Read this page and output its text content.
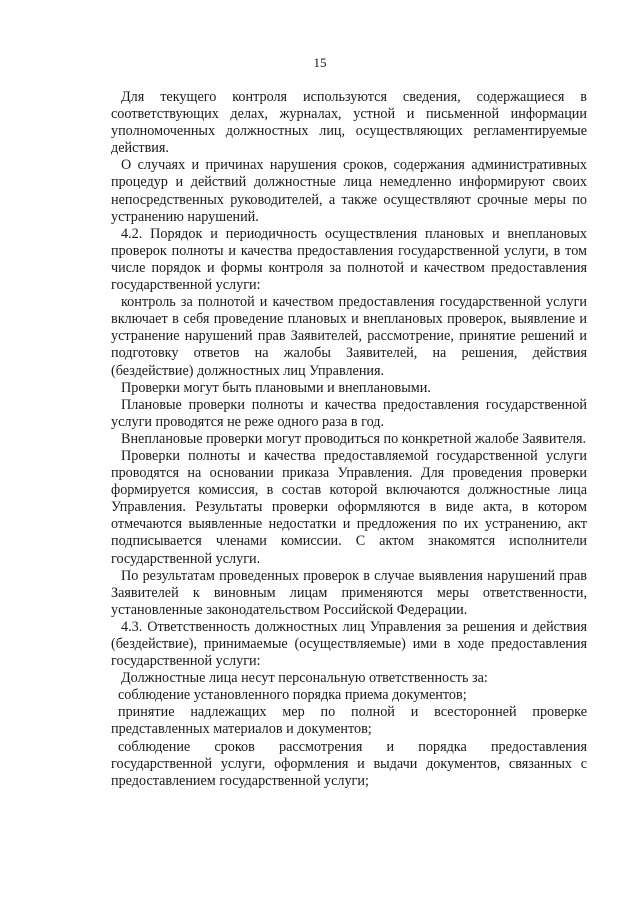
15

Для текущего контроля используются сведения, содержащиеся в соответствующих делах, журналах, устной и письменной информации уполномоченных должностных лиц, осуществляющих регламентируемые действия.

О случаях и причинах нарушения сроков, содержания административных процедур и действий должностные лица немедленно информируют своих непосредственных руководителей, а также осуществляют срочные меры по устранению нарушений.

4.2. Порядок и периодичность осуществления плановых и внеплановых проверок полноты и качества предоставления государственной услуги, в том числе порядок и формы контроля за полнотой и качеством предоставления государственной услуги:

контроль за полнотой и качеством предоставления государственной услуги включает в себя проведение плановых и внеплановых проверок, выявление и устранение нарушений прав Заявителей, рассмотрение, принятие решений и подготовку ответов на жалобы Заявителей, на решения, действия (бездействие) должностных лиц Управления.

Проверки могут быть плановыми и внеплановыми.

Плановые проверки полноты и качества предоставления государственной услуги проводятся не реже одного раза в год.

Внеплановые проверки могут проводиться по конкретной жалобе Заявителя.

Проверки полноты и качества предоставляемой государственной услуги проводятся на основании приказа Управления. Для проведения проверки формируется комиссия, в состав которой включаются должностные лица Управления. Результаты проверки оформляются в виде акта, в котором отмечаются выявленные недостатки и предложения по их устранению, акт подписывается членами комиссии. С актом знакомятся исполнители государственной услуги.

По результатам проведенных проверок в случае выявления нарушений прав Заявителей к виновным лицам применяются меры ответственности, установленные законодательством Российской Федерации.

4.3. Ответственность должностных лиц Управления за решения и действия (бездействие), принимаемые (осуществляемые) ими в ходе предоставления государственной услуги:

Должностные лица несут персональную ответственность за:

соблюдение установленного порядка приема документов;

принятие надлежащих мер по полной и всесторонней проверке представленных материалов и документов;

соблюдение сроков рассмотрения и порядка предоставления государственной услуги, оформления и выдачи документов, связанных с предоставлением государственной услуги;
